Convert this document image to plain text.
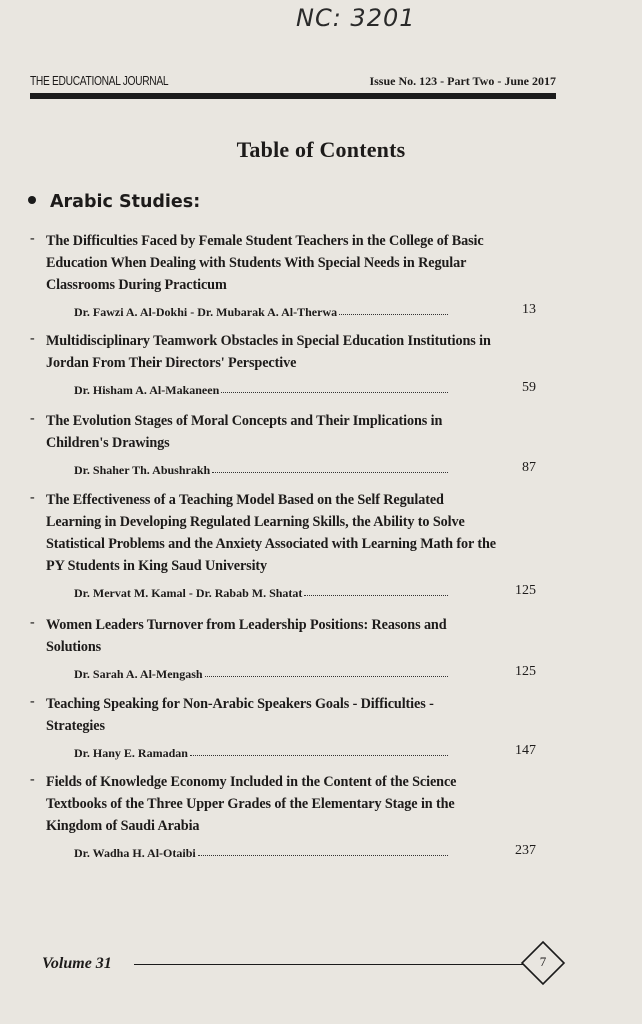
NC: 3201
THE EDUCATIONAL JOURNAL	Issue No. 123 - Part Two - June 2017
Table of Contents
Arabic Studies:
- The Difficulties Faced by Female Student Teachers in the College of Basic Education When Dealing with Students With Special Needs in Regular Classrooms During Practicum
Dr. Fawzi A. Al-Dokhi - Dr. Mubarak A. Al-Therwa	13
- Multidisciplinary Teamwork Obstacles in Special Education Institutions in Jordan From Their Directors' Perspective
Dr. Hisham A. Al-Makaneen	59
- The Evolution Stages of Moral Concepts and Their Implications in Children's Drawings
Dr. Shaher Th. Abushrakh	87
- The Effectiveness of a Teaching Model Based on the Self Regulated Learning in Developing Regulated Learning Skills, the Ability to Solve Statistical Problems and the Anxiety Associated with Learning Math for the PY Students in King Saud University
Dr. Mervat M. Kamal - Dr. Rabab M. Shatat	125
- Women Leaders Turnover from Leadership Positions: Reasons and Solutions
Dr. Sarah A. Al-Mengash	125
- Teaching Speaking for Non-Arabic Speakers Goals - Difficulties - Strategies
Dr. Hany E. Ramadan	147
- Fields of Knowledge Economy Included in the Content of the Science Textbooks of the Three Upper Grades of the Elementary Stage in the Kingdom of Saudi Arabia
Dr. Wadha H. Al-Otaibi	237
Volume 31	7
